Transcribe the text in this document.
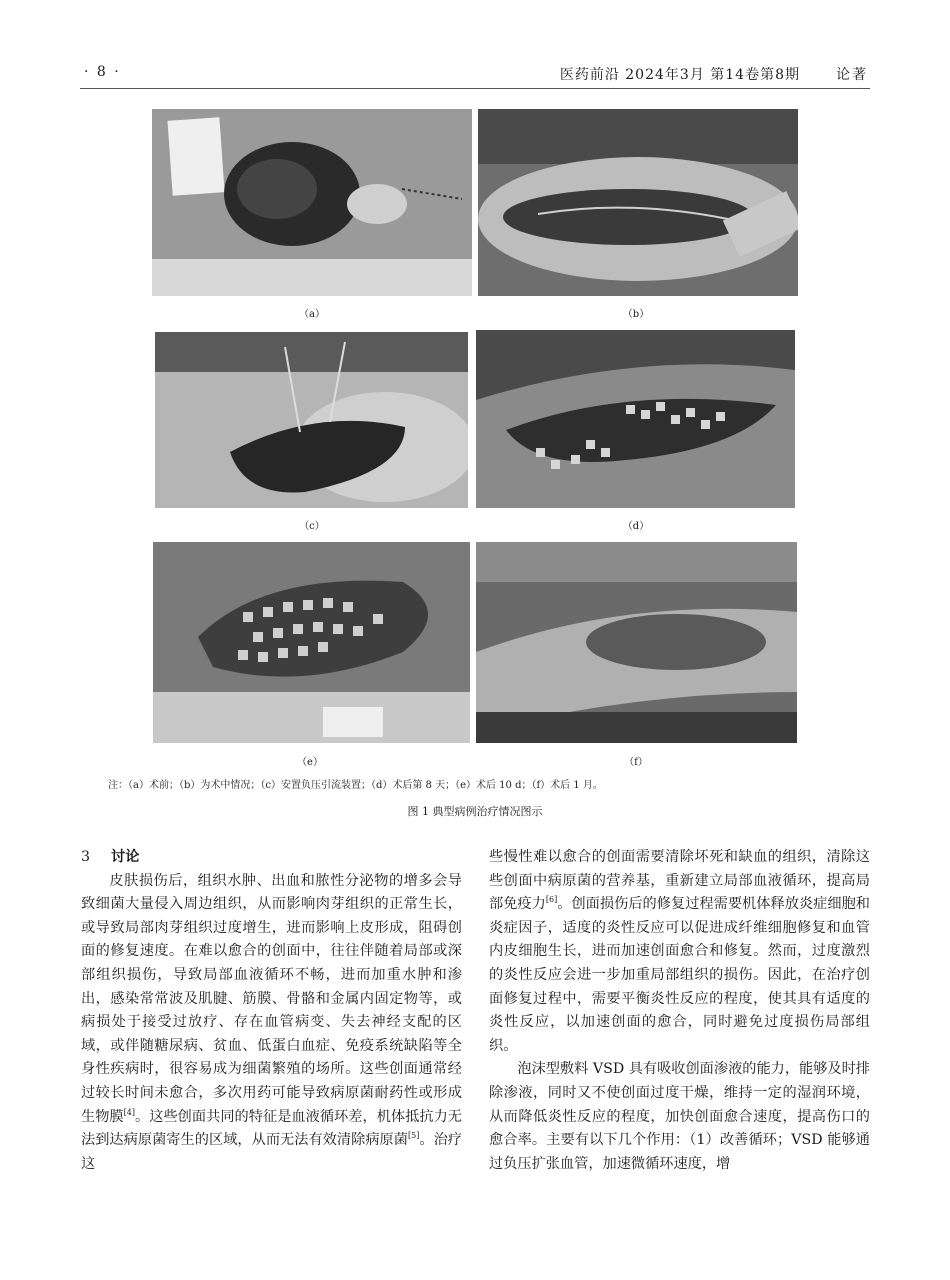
· 8 ·	医药前沿 2024年3月 第14卷第8期	论著
（a）	（b）
（c）	（d）
（e）	（f）
注：（a）术前；（b）为术中情况；（c）安置负压引流装置；（d）术后第 8 天；（e）术后 10 d；（f）术后 1 月。
图 1 典型病例治疗情况图示

3 讨论

皮肤损伤后，组织水肿、出血和脓性分泌物的增多会导致细菌大量侵入周边组织，从而影响肉芽组织的正常生长，或导致局部肉芽组织过度增生，进而影响上皮形成，阻碍创面的修复速度。在难以愈合的创面中，往往伴随着局部或深部组织损伤，导致局部血液循环不畅，进而加重水肿和渗出，感染常常波及肌腱、筋膜、骨骼和金属内固定物等，或病损处于接受过放疗、存在血管病变、失去神经支配的区域，或伴随糖尿病、贫血、低蛋白血症、免疫系统缺陷等全身性疾病时，很容易成为细菌繁殖的场所。这些创面通常经过较长时间未愈合，多次用药可能导致病原菌耐药性或形成生物膜[4]。这些创面共同的特征是血液循环差，机体抵抗力无法到达病原菌寄生的区域，从而无法有效清除病原菌[5]。治疗这

些慢性难以愈合的创面需要清除坏死和缺血的组织，清除这些创面中病原菌的营养基，重新建立局部血液循环，提高局部免疫力[6]。创面损伤后的修复过程需要机体释放炎症细胞和炎症因子，适度的炎性反应可以促进成纤维细胞修复和血管内皮细胞生长，进而加速创面愈合和修复。然而，过度激烈的炎性反应会进一步加重局部组织的损伤。因此，在治疗创面修复过程中，需要平衡炎性反应的程度，使其具有适度的炎性反应，以加速创面的愈合，同时避免过度损伤局部组织。

泡沫型敷料 VSD 具有吸收创面渗液的能力，能够及时排除渗液，同时又不使创面过度干燥，维持一定的湿润环境，从而降低炎性反应的程度，加快创面愈合速度，提高伤口的愈合率。主要有以下几个作用：（1）改善循环；VSD 能够通过负压扩张血管，加速微循环速度，增
